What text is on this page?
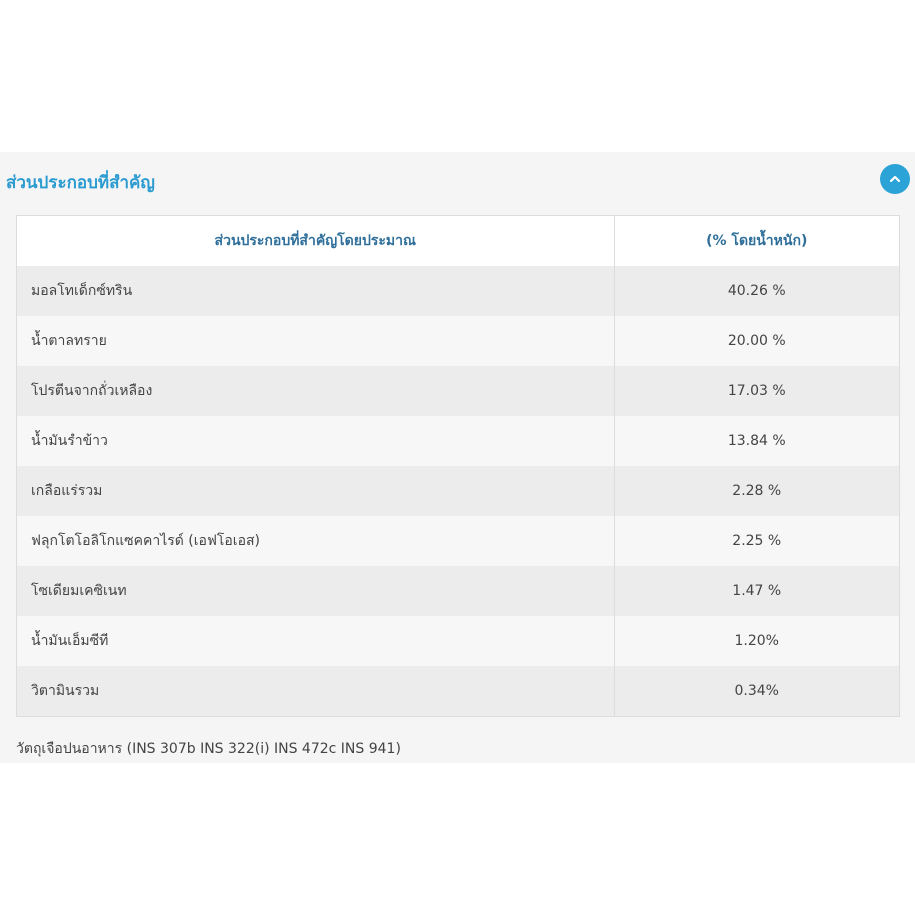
ส่วนประกอบที่สำคัญ
ส่วนประกอบที่สำคัญโดยประมาณ	(% โดยน้ำหนัก)
มอลโทเด็กซ์ทริน	40.26 %
น้ำตาลทราย	20.00 %
โปรตีนจากถั่วเหลือง	17.03 %
น้ำมันรำข้าว	13.84 %
เกลือแร่รวม	2.28 %
ฟลุกโตโอลิโกแซคคาไรด์ (เอฟโอเอส)	2.25 %
โซเดียมเคซิเนท	1.47 %
น้ำมันเอ็มซีที	1.20%
วิตามินรวม	0.34%
วัตถุเจือปนอาหาร (INS 307b INS 322(i) INS 472c INS 941)
